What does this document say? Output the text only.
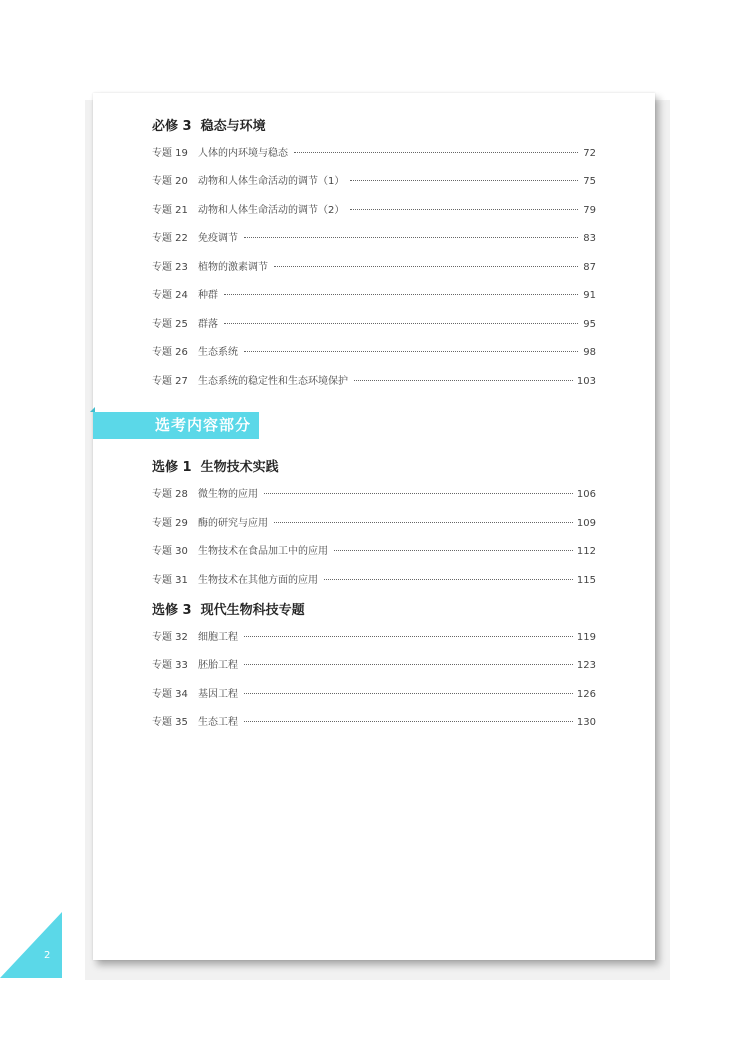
必修 3 稳态与环境
专题 19	人体的内环境与稳态	72
专题 20	动物和人体生命活动的调节（1）	75
专题 21	动物和人体生命活动的调节（2）	79
专题 22	免疫调节	83
专题 23	植物的激素调节	87
专题 24	种群	91
专题 25	群落	95
专题 26	生态系统	98
专题 27	生态系统的稳定性和生态环境保护	103
选修 1 生物技术实践
专题 28	微生物的应用	106
专题 29	酶的研究与应用	109
专题 30	生物技术在食品加工中的应用	112
专题 31	生物技术在其他方面的应用	115
选修 3 现代生物科技专题
专题 32	细胞工程	119
专题 33	胚胎工程	123
专题 34	基因工程	126
专题 35	生态工程	130
选考内容部分
2
